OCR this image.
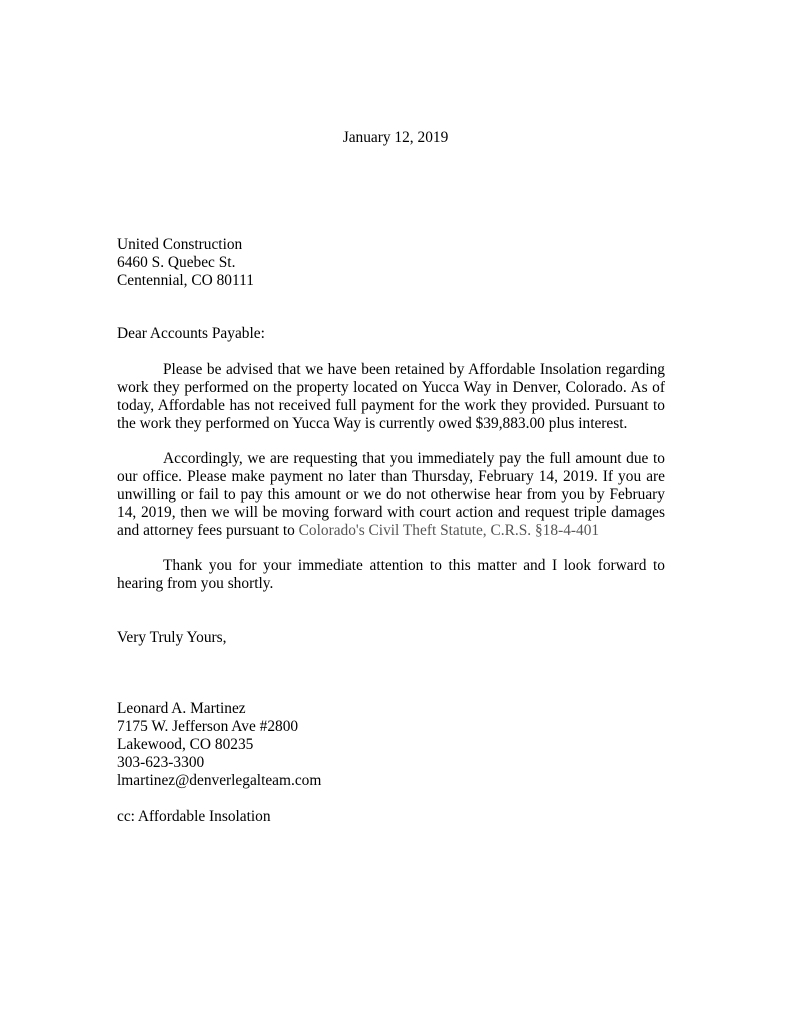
January 12, 2019
United Construction
6460 S. Quebec St.
Centennial, CO 80111
Dear Accounts Payable:
Please be advised that we have been retained by Affordable Insolation regarding work they performed on the property located on Yucca Way in Denver, Colorado. As of today, Affordable has not received full payment for the work they provided. Pursuant to the work they performed on Yucca Way is currently owed $39,883.00 plus interest.
Accordingly, we are requesting that you immediately pay the full amount due to our office. Please make payment no later than Thursday, February 14, 2019. If you are unwilling or fail to pay this amount or we do not otherwise hear from you by February 14, 2019, then we will be moving forward with court action and request triple damages and attorney fees pursuant to Colorado's Civil Theft Statute, C.R.S. §18-4-401
Thank you for your immediate attention to this matter and I look forward to hearing from you shortly.
Very Truly Yours,
Leonard A. Martinez
7175 W. Jefferson Ave #2800
Lakewood, CO 80235
303-623-3300
lmartinez@denverlegalteam.com
cc: Affordable Insolation
